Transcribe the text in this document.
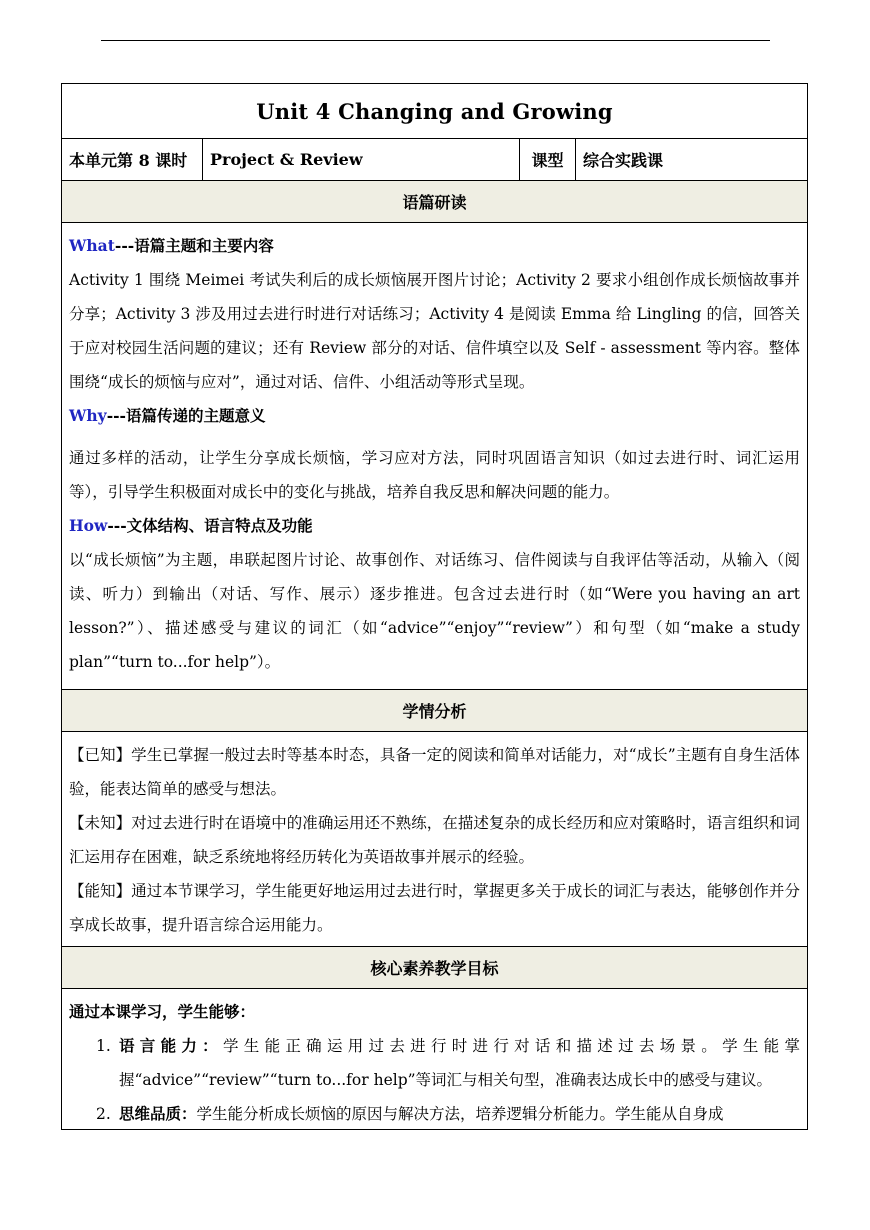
Unit 4 Changing and Growing
本单元第 8 课时	Project & Review	课型	综合实践课
语篇研读

What---语篇主题和主要内容

Activity 1 围绕 Meimei 考试失利后的成长烦恼展开图片讨论；Activity 2 要求小组创作成长烦恼故事并分享；Activity 3 涉及用过去进行时进行对话练习；Activity 4 是阅读 Emma 给 Lingling 的信，回答关于应对校园生活问题的建议；还有 Review 部分的对话、信件填空以及 Self - assessment 等内容。整体围绕“成长的烦恼与应对”，通过对话、信件、小组活动等形式呈现。

Why---语篇传递的主题意义

通过多样的活动，让学生分享成长烦恼，学习应对方法，同时巩固语言知识（如过去进行时、词汇运用等），引导学生积极面对成长中的变化与挑战，培养自我反思和解决问题的能力。

How---文体结构、语言特点及功能

以“成长烦恼”为主题，串联起图片讨论、故事创作、对话练习、信件阅读与自我评估等活动，从输入（阅读、听力）到输出（对话、写作、展示）逐步推进。包含过去进行时（如“Were you having an art lesson?”）、描述感受与建议的词汇（如“advice”“enjoy”“review”）和句型（如“make a study plan”“turn to...for help”）。

学情分析

【已知】学生已掌握一般过去时等基本时态，具备一定的阅读和简单对话能力，对“成长”主题有自身生活体验，能表达简单的感受与想法。

【未知】对过去进行时在语境中的准确运用还不熟练，在描述复杂的成长经历和应对策略时，语言组织和词汇运用存在困难，缺乏系统地将经历转化为英语故事并展示的经验。

【能知】通过本节课学习，学生能更好地运用过去进行时，掌握更多关于成长的词汇与表达，能够创作并分享成长故事，提升语言综合运用能力。

核心素养教学目标

通过本课学习，学生能够：

1. 语言能力：学生能正确运用过去进行时进行对话和描述过去场景。学生能掌握“advice”“review”“turn to...for help”等词汇与相关句型，准确表达成长中的感受与建议。
2. 思维品质：学生能分析成长烦恼的原因与解决方法，培养逻辑分析能力。学生能从自身成
